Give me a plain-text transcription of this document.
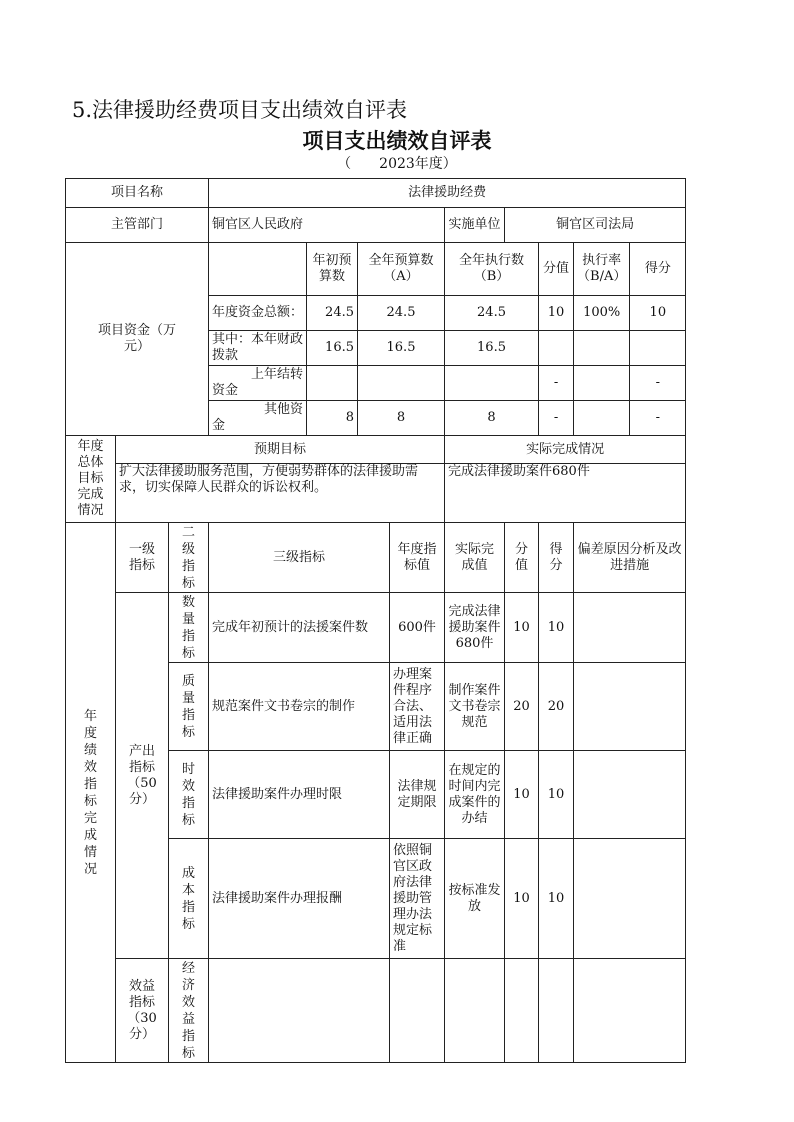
5.法律援助经费项目支出绩效自评表
项目支出绩效自评表
（　　2023年度）
项目名称			法律援助经费								
主管部门			铜官区人民政府				实施单位	铜官区司法局			
项目资金（万元）				年初预算数	全年预算数（A）		全年执行数（B）		分值	执行率（B/A）	得分
			年度资金总额：	24.5	24.5		24.5		10	100%	10
			其中：本年财政拨款	16.5	16.5		16.5				
			上年结转资金						-		-
			其他资金	8	8		8		-		-
年度总体目标完成情况	预期目标						实际完成情况				
	扩大法律援助服务范围，方便弱势群体的法律援助需求，切实保障人民群众的诉讼权利。						完成法律援助案件680件				
年度绩效指标完成情况	一级指标	二级指标	三级指标			年度指标值	实际完成值	分值	得分	偏差原因分析及改进措施	
	产出指标（50分）	数量指标	完成年初预计的法援案件数			600件	完成法律援助案件680件	10	10		
		质量指标	规范案件文书卷宗的制作			办理案件程序合法、适用法律正确	制作案件文书卷宗规范	20	20		
		时效指标	法律援助案件办理时限			法律规定期限	在规定的时间内完成案件的办结	10	10		
		成本指标	法律援助案件办理报酬			依照铜官区政府法律援助管理办法规定标准	按标准发放	10	10		
	效益指标（30分）	经济效益指标									
